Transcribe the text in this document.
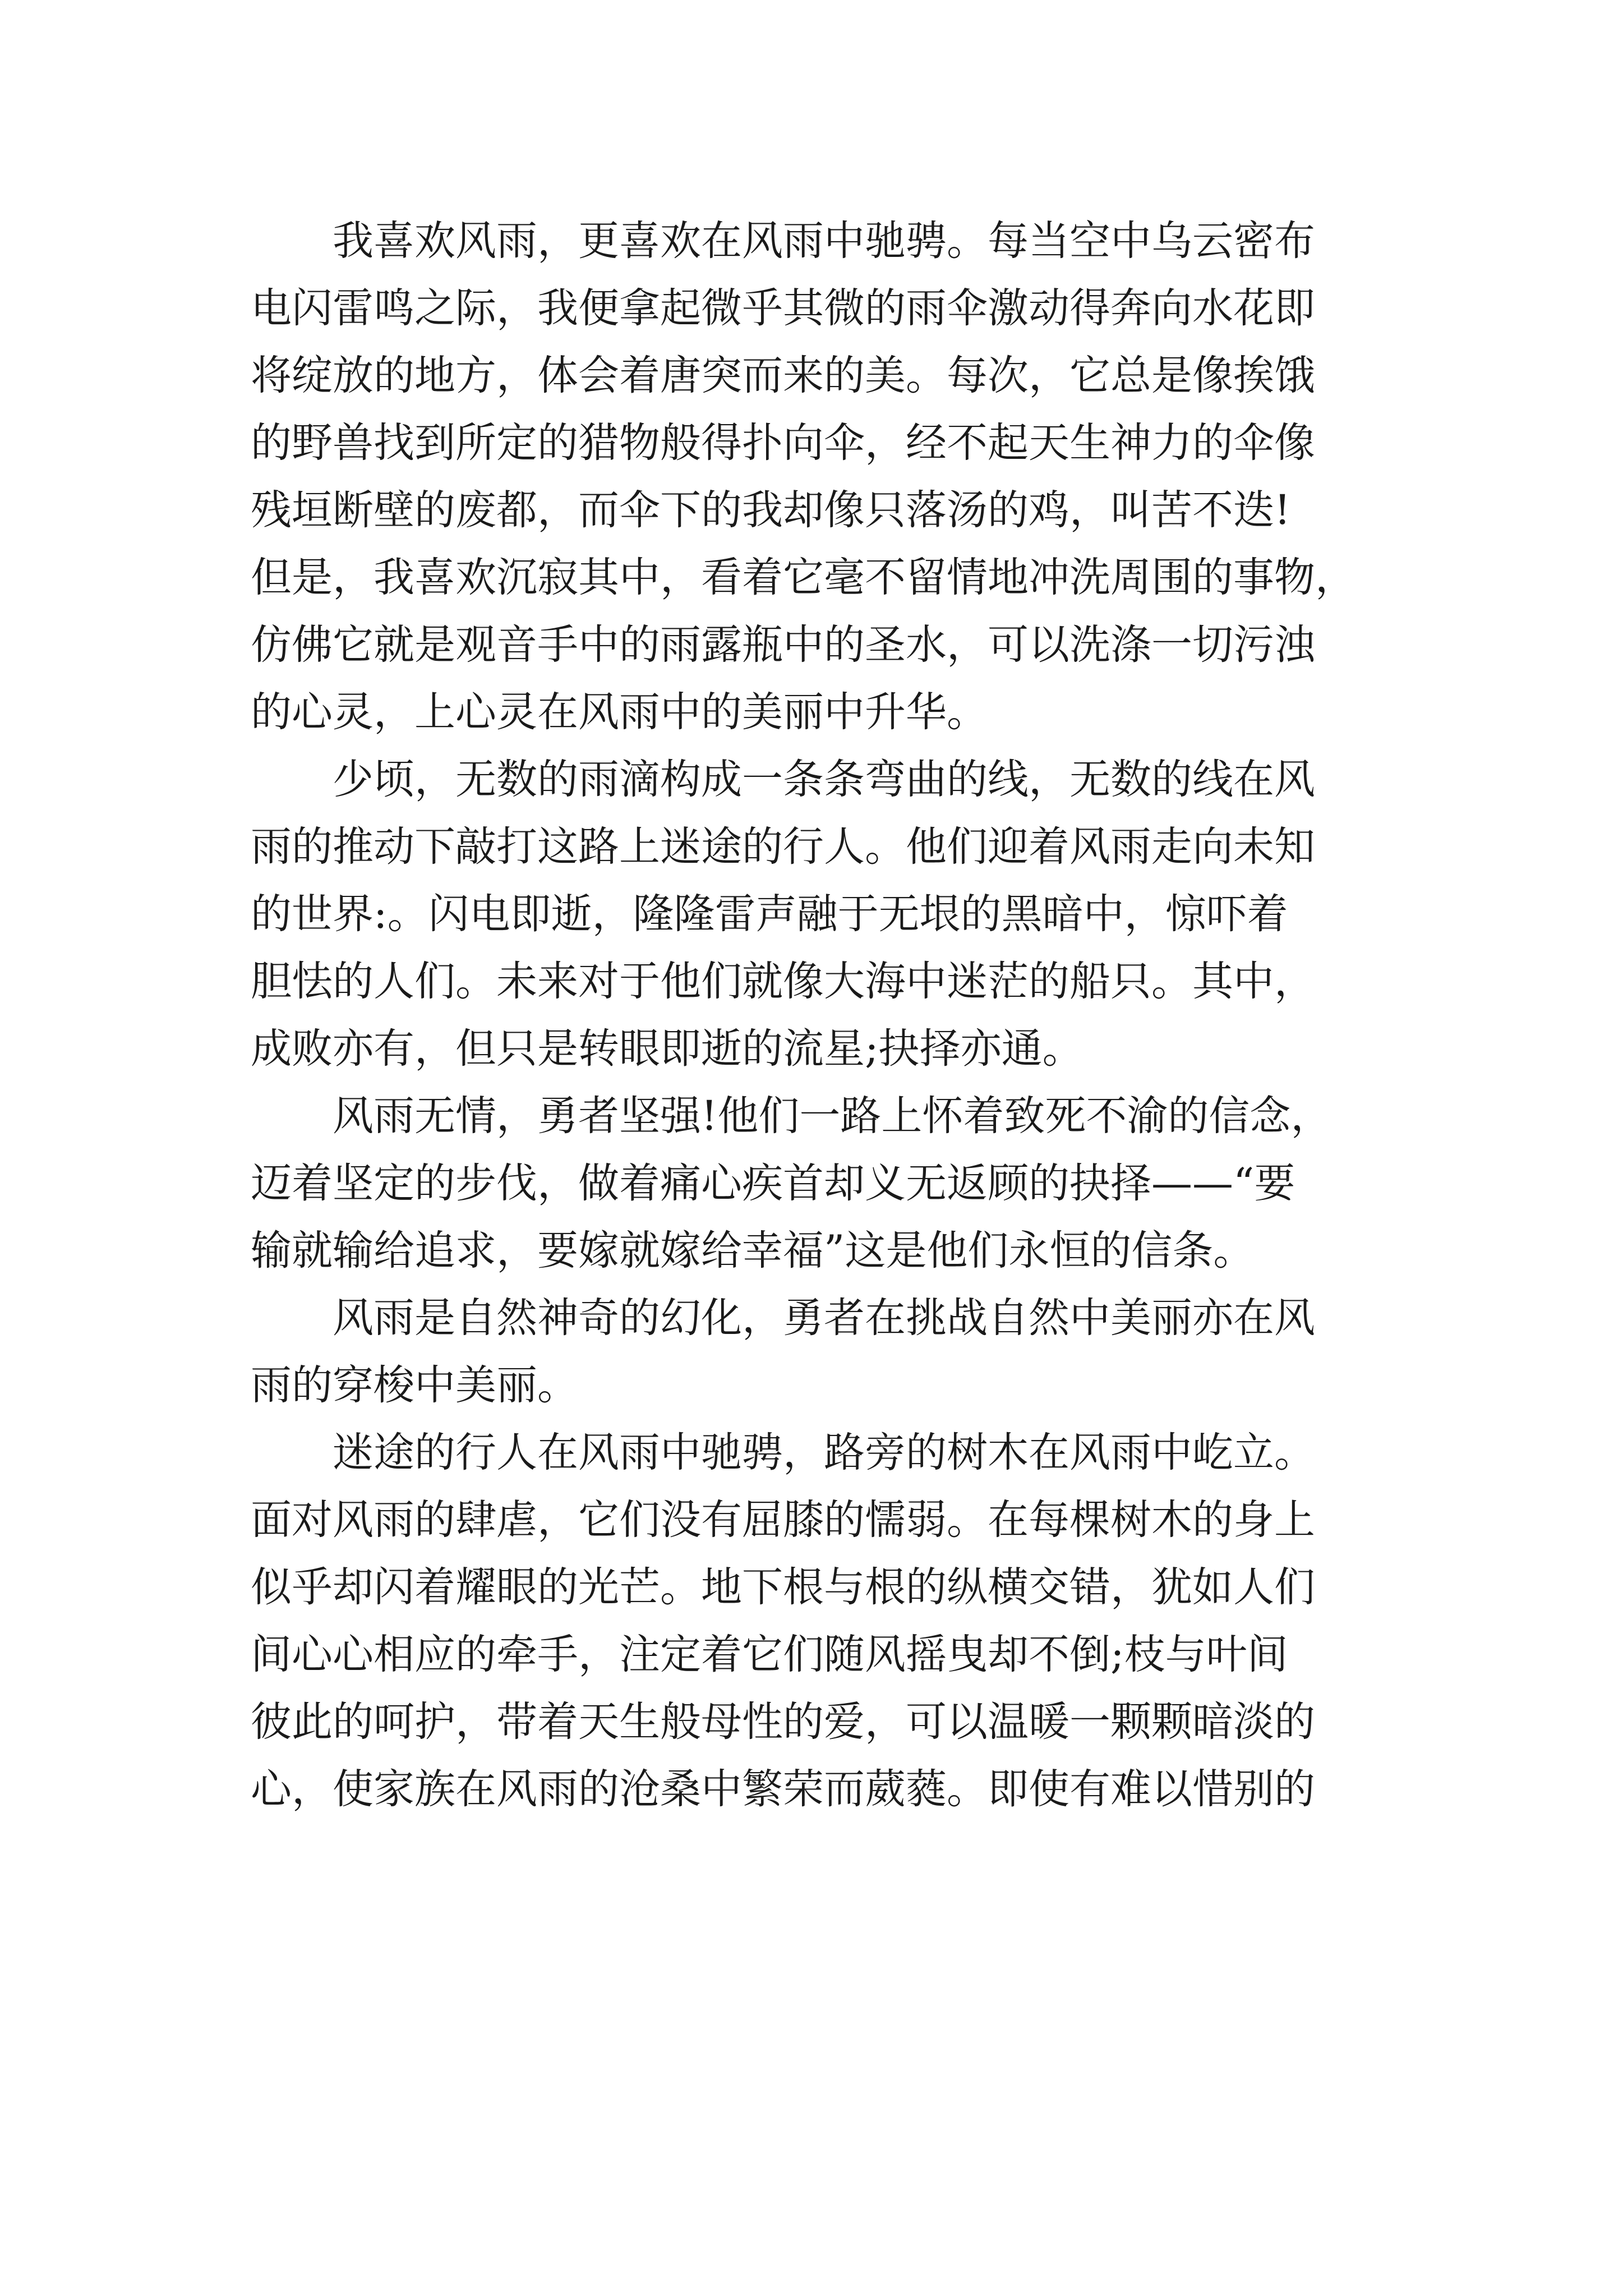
我喜欢风雨，更喜欢在风雨中驰骋。每当空中乌云密布
电闪雷鸣之际，我便拿起微乎其微的雨伞激动得奔向水花即
将绽放的地方，体会着唐突而来的美。每次，它总是像挨饿
的野兽找到所定的猎物般得扑向伞，经不起天生神力的伞像
残垣断壁的废都，而伞下的我却像只落汤的鸡，叫苦不迭!
但是，我喜欢沉寂其中，看着它毫不留情地冲洗周围的事物，
仿佛它就是观音手中的雨露瓶中的圣水，可以洗涤一切污浊
的心灵，上心灵在风雨中的美丽中升华。
少顷，无数的雨滴构成一条条弯曲的线，无数的线在风
雨的推动下敲打这路上迷途的行人。他们迎着风雨走向未知
的世界:。闪电即逝，隆隆雷声融于无垠的黑暗中，惊吓着
胆怯的人们。未来对于他们就像大海中迷茫的船只。其中，
成败亦有，但只是转眼即逝的流星;抉择亦通。
风雨无情，勇者坚强!他们一路上怀着致死不渝的信念，
迈着坚定的步伐，做着痛心疾首却义无返顾的抉择——“要
输就输给追求，要嫁就嫁给幸福”这是他们永恒的信条。
风雨是自然神奇的幻化，勇者在挑战自然中美丽亦在风
雨的穿梭中美丽。
迷途的行人在风雨中驰骋，路旁的树木在风雨中屹立。
面对风雨的肆虐，它们没有屈膝的懦弱。在每棵树木的身上
似乎却闪着耀眼的光芒。地下根与根的纵横交错，犹如人们
间心心相应的牵手，注定着它们随风摇曳却不倒;枝与叶间
彼此的呵护，带着天生般母性的爱，可以温暖一颗颗暗淡的
心，使家族在风雨的沧桑中繁荣而葳蕤。即使有难以惜别的
